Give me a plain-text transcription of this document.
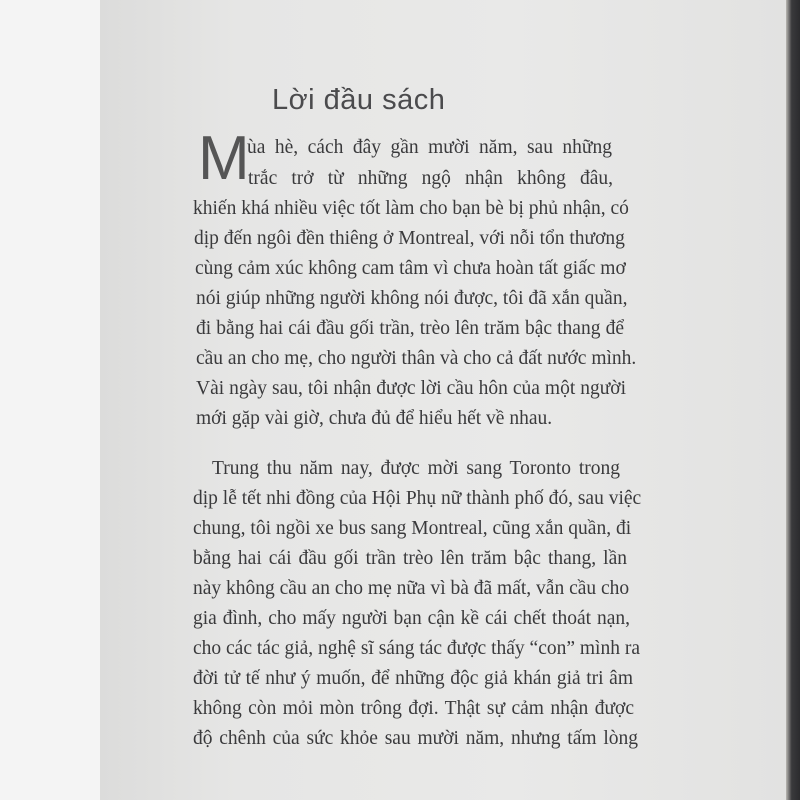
Lời đầu sách
M
ùa hè, cách đây gần mười năm, sau những
trắc trở từ những ngộ nhận không đâu,
khiến khá nhiều việc tốt làm cho bạn bè bị phủ nhận, có
dịp đến ngôi đền thiêng ở Montreal, với nỗi tổn thương
cùng cảm xúc không cam tâm vì chưa hoàn tất giấc mơ
nói giúp những người không nói được, tôi đã xắn quần,
đi bằng hai cái đầu gối trần, trèo lên trăm bậc thang để
cầu an cho mẹ, cho người thân và cho cả đất nước mình.
Vài ngày sau, tôi nhận được lời cầu hôn của một người
mới gặp vài giờ, chưa đủ để hiểu hết về nhau.
Trung thu năm nay, được mời sang Toronto trong
dịp lễ tết nhi đồng của Hội Phụ nữ thành phố đó, sau việc
chung, tôi ngồi xe bus sang Montreal, cũng xắn quần, đi
bằng hai cái đầu gối trần trèo lên trăm bậc thang, lần
này không cầu an cho mẹ nữa vì bà đã mất, vẫn cầu cho
gia đình, cho mấy người bạn cận kề cái chết thoát nạn,
cho các tác giả, nghệ sĩ sáng tác được thấy “con” mình ra
đời tử tế như ý muốn, để những độc giả khán giả tri âm
không còn mỏi mòn trông đợi. Thật sự cảm nhận được
độ chênh của sức khỏe sau mười năm, nhưng tấm lòng
